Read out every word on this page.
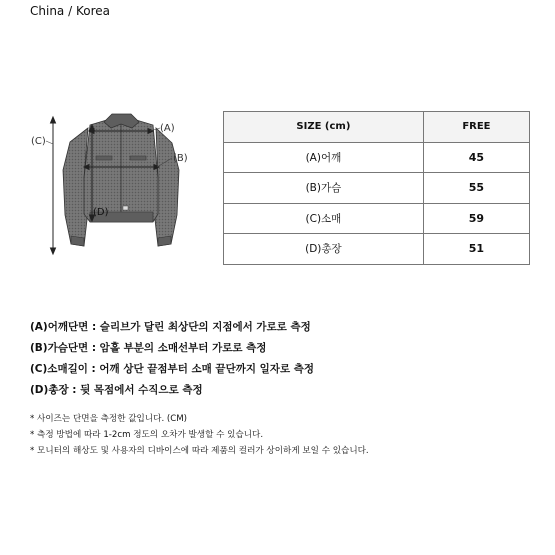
China / Korea
(A)
(B)
(C)
(D)
SIZE (cm)	FREE
(A)어깨	45
(B)가슴	55
(C)소매	59
(D)총장	51
(A)어깨단면 : 슬리브가 달린 최상단의 지점에서 가로로 측정
(B)가슴단면 : 암홀 부분의 소매선부터 가로로 측정
(C)소매길이 : 어깨 상단 끝점부터 소매 끝단까지 일자로 측정
(D)총장 : 뒷 목점에서 수직으로 측정
* 사이즈는 단면을 측정한 값입니다. (CM)
* 측정 방법에 따라 1-2cm 정도의 오차가 발생할 수 있습니다.
* 모니터의 해상도 및 사용자의 디바이스에 따라 제품의 컬러가 상이하게 보일 수 있습니다.
